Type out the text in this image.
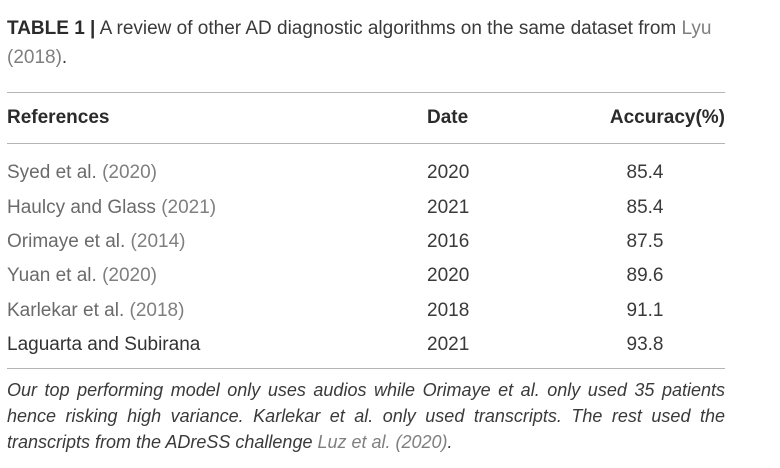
TABLE 1 | A review of other AD diagnostic algorithms on the same dataset from Lyu (2018).

References	Date	Accuracy(%)
Syed et al. (2020)	2020	85.4
Haulcy and Glass (2021)	2021	85.4
Orimaye et al. (2014)	2016	87.5
Yuan et al. (2020)	2020	89.6
Karlekar et al. (2018)	2018	91.1
Laguarta and Subirana	2021	93.8

Our top performing model only uses audios while Orimaye et al. only used 35 patients hence risking high variance. Karlekar et al. only used transcripts. The rest used the transcripts from the ADreSS challenge Luz et al. (2020).
